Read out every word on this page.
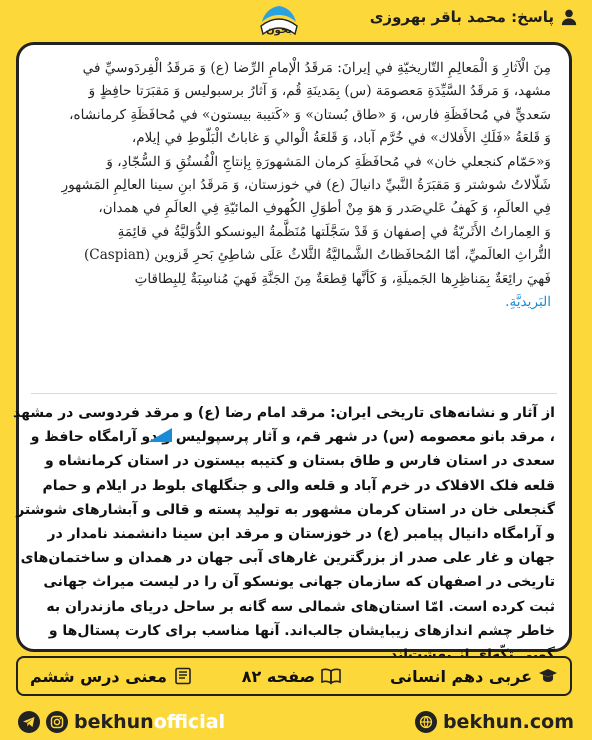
پاسخ: محمد باقر بهروزی
بخون
مِنَ الْآثارِ وَ الْمَعالِمِ التّاريخيّةِ في إيرانَ: مَرقَدُ الْإمامِ الرِّضا (ع) وَ مَرقَدُ الْفِردَوسيِّ في
مشهد، وَ مَرقَدُ السَّيِّدَةِ مَعصومَة (س) بِمَدينَةِ قُم، وَ آثارُ برسبوليس وَ مَقبَرَتا حافِظٍ وَ
سَعديٍّ في مُحافَظَةِ فارس، وَ «طاق بُستان» وَ «كَتيبة بيستون» في مُحافَظَةِ كرمانشاه،
وَ قَلعَةُ «فَلَكِ الأَفلاك» في خُرَّم آباد، وَ قَلعَةُ الْوالي وَ غاباتُ الْبَلّوطِ في إيلام،
وَ«حَمّام كنجعلي خان» في مُحافَظَةِ كرمان المَشهورَةِ بِإنتاجِ الْفُستُقِ وَ السُّجّادِ، وَ
شَلّالاتُ شوشتر وَ مَقبَرَةُ النَّبيِّ دانيالَ (ع) في خوزستان، وَ مَرقَدُ ابنِ سينا العالِمِ المَشهورِ
فِي العالَمِ، وَ كَهفُ عَلي‌صَدر وَ هوَ مِنْ أطوَلِ الكُهوفِ المائيّةِ فِي العالَمِ في همدان،
وَ العِماراتُ الأَثَريّةُ في إصفهان وَ قَدْ سَجَّلَتها مُنَظَّمةُ اليونسكو الدُّوَليَّةُ في قائِمَةِ
التُّراثِ العالَميِّ، أمّا المُحافَظاتُ الشَّماليَّةُ الثَّلاثُ عَلَى شاطِئِ بَحرِ قَزوين (Caspian)
فَهيَ رائِعَةٌ بِمَناظِرِها الجَميلَةِ، وَ كَأنَّها قِطعَةٌ مِنَ الجَنَّةِ فَهيَ مُناسِبَةٌ لِلبِطاقاتِ
البَريديَّةِ.
از آثار و نشانه‌های تاریخی ایران: مرقد امام رضا (ع) و مرقد فردوسی در مشهد
، مرقد بانو معصومه (س) در شهر قم، و آثار پرسپولیس و دو آرامگاه حافظ و
سعدی در استان فارس و طاق بستان و کتیبه بیستون در استان کرمانشاه و
قلعه فلک الافلاک در خرم آباد و قلعه والی و جنگلهای بلوط در ایلام و حمام
گنجعلی خان در استان کرمان مشهور به تولید پسته و قالی و آبشارهای شوشتر
و آرامگاه دانیال پیامبر (ع) در خوزستان و مرقد ابن سینا دانشمند نامدار در
جهان و غار علی صدر از بزرگترین غارهای آبی جهان در همدان و ساختمان‌های
تاریخی در اصفهان که سازمان جهانی یونسکو آن را در لیست میراث جهانی
ثبت کرده است. امّا استان‌های شمالی سه گانه بر ساحل دریای مازندران به
خاطر چشم اندازهای زیبایشان جالب‌اند. آنها مناسب برای کارت پستال‌ها و
عربی دهم انسانی
صفحه ۸۲
معنی درس ششم
bekhun official	bekhun.com
